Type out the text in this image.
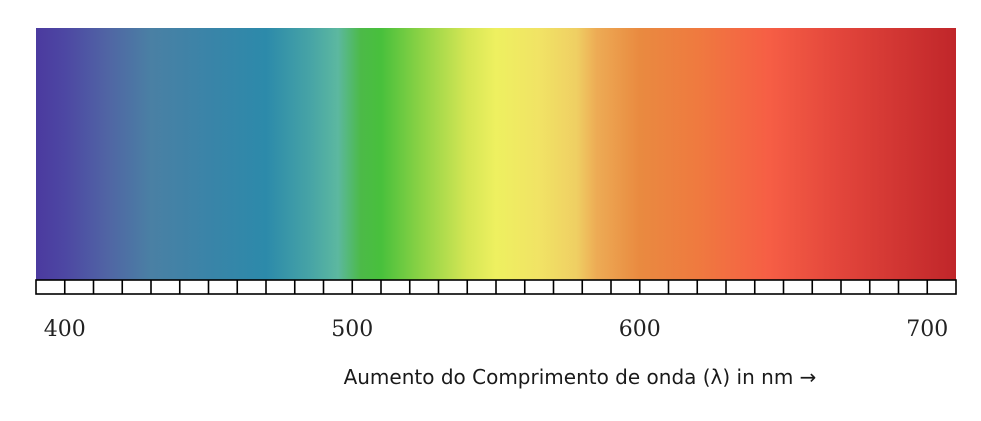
400	500	600	700
Aumento do Comprimento de onda (λ) in nm →
